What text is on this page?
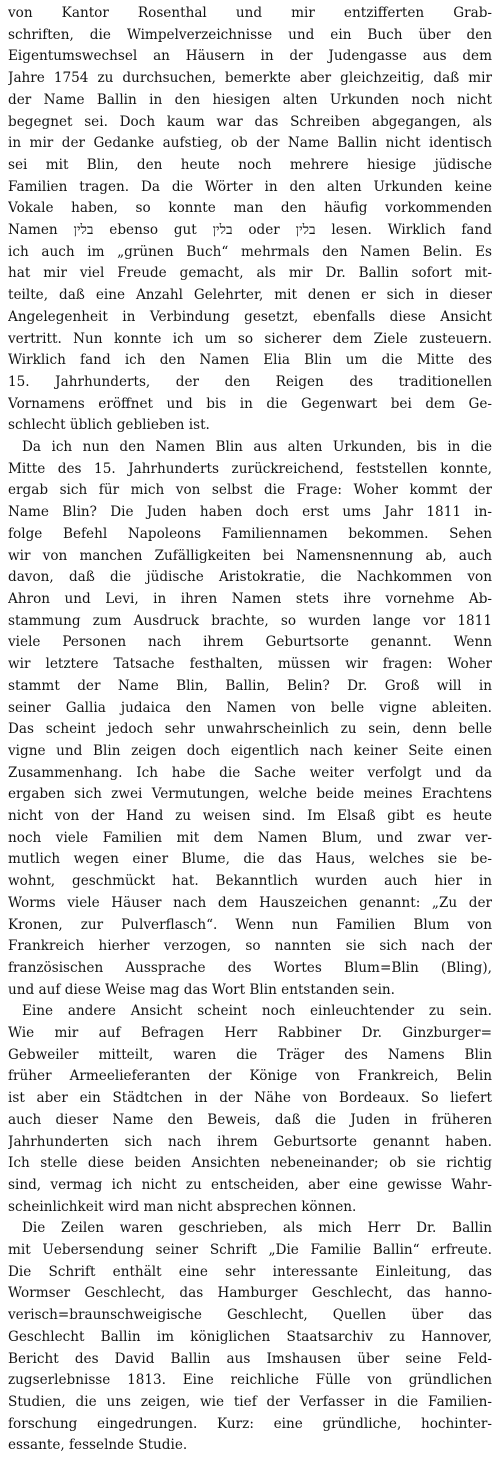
von Kantor Rosenthal und mir entzifferten Grab-
schriften, die Wimpelverzeichnisse und ein Buch über den
Eigentumswechsel an Häusern in der Judengasse aus dem
Jahre 1754 zu durchsuchen, bemerkte aber gleichzeitig, daß mir
der Name Ballin in den hiesigen alten Urkunden noch nicht
begegnet sei. Doch kaum war das Schreiben abgegangen, als
in mir der Gedanke aufstieg, ob der Name Ballin nicht identisch
sei mit Blin, den heute noch mehrere hiesige jüdische
Familien tragen. Da die Wörter in den alten Urkunden keine
Vokale haben, so konnte man den häufig vorkommenden
Namen בלין ebenso gut בלין oder בלין lesen. Wirklich fand
ich auch im „grünen Buch“ mehrmals den Namen Belin. Es
hat mir viel Freude gemacht, als mir Dr. Ballin sofort mit-
teilte, daß eine Anzahl Gelehrter, mit denen er sich in dieser
Angelegenheit in Verbindung gesetzt, ebenfalls diese Ansicht
vertritt. Nun konnte ich um so sicherer dem Ziele zusteuern.
Wirklich fand ich den Namen Elia Blin um die Mitte des
15. Jahrhunderts, der den Reigen des traditionellen
Vornamens eröffnet und bis in die Gegenwart bei dem Ge-
schlecht üblich geblieben ist.
Da ich nun den Namen Blin aus alten Urkunden, bis in die
Mitte des 15. Jahrhunderts zurückreichend, feststellen konnte,
ergab sich für mich von selbst die Frage: Woher kommt der
Name Blin? Die Juden haben doch erst ums Jahr 1811 in-
folge Befehl Napoleons Familiennamen bekommen. Sehen
wir von manchen Zufälligkeiten bei Namensnennung ab, auch
davon, daß die jüdische Aristokratie, die Nachkommen von
Ahron und Levi, in ihren Namen stets ihre vornehme Ab-
stammung zum Ausdruck brachte, so wurden lange vor 1811
viele Personen nach ihrem Geburtsorte genannt. Wenn
wir letztere Tatsache festhalten, müssen wir fragen: Woher
stammt der Name Blin, Ballin, Belin? Dr. Groß will in
seiner Gallia judaica den Namen von belle vigne ableiten.
Das scheint jedoch sehr unwahrscheinlich zu sein, denn belle
vigne und Blin zeigen doch eigentlich nach keiner Seite einen
Zusammenhang. Ich habe die Sache weiter verfolgt und da
ergaben sich zwei Vermutungen, welche beide meines Erachtens
nicht von der Hand zu weisen sind. Im Elsaß gibt es heute
noch viele Familien mit dem Namen Blum, und zwar ver-
mutlich wegen einer Blume, die das Haus, welches sie be-
wohnt, geschmückt hat. Bekanntlich wurden auch hier in
Worms viele Häuser nach dem Hauszeichen genannt: „Zu der
Kronen, zur Pulverflasch“. Wenn nun Familien Blum von
Frankreich hierher verzogen, so nannten sie sich nach der
französischen Aussprache des Wortes Blum=Blin (Bling),
und auf diese Weise mag das Wort Blin entstanden sein.
Eine andere Ansicht scheint noch einleuchtender zu sein.
Wie mir auf Befragen Herr Rabbiner Dr. Ginzburger=
Gebweiler mitteilt, waren die Träger des Namens Blin
früher Armeelieferanten der Könige von Frankreich, Belin
ist aber ein Städtchen in der Nähe von Bordeaux. So liefert
auch dieser Name den Beweis, daß die Juden in früheren
Jahrhunderten sich nach ihrem Geburtsorte genannt haben.
Ich stelle diese beiden Ansichten nebeneinander; ob sie richtig
sind, vermag ich nicht zu entscheiden, aber eine gewisse Wahr-
scheinlichkeit wird man nicht absprechen können.
Die Zeilen waren geschrieben, als mich Herr Dr. Ballin
mit Uebersendung seiner Schrift „Die Familie Ballin“ erfreute.
Die Schrift enthält eine sehr interessante Einleitung, das
Wormser Geschlecht, das Hamburger Geschlecht, das hanno-
verisch=braunschweigische Geschlecht, Quellen über das
Geschlecht Ballin im königlichen Staatsarchiv zu Hannover,
Bericht des David Ballin aus Imshausen über seine Feld-
zugserlebnisse 1813. Eine reichliche Fülle von gründlichen
Studien, die uns zeigen, wie tief der Verfasser in die Familien-
forschung eingedrungen. Kurz: eine gründliche, hochinter-
essante, fesselnde Studie.
